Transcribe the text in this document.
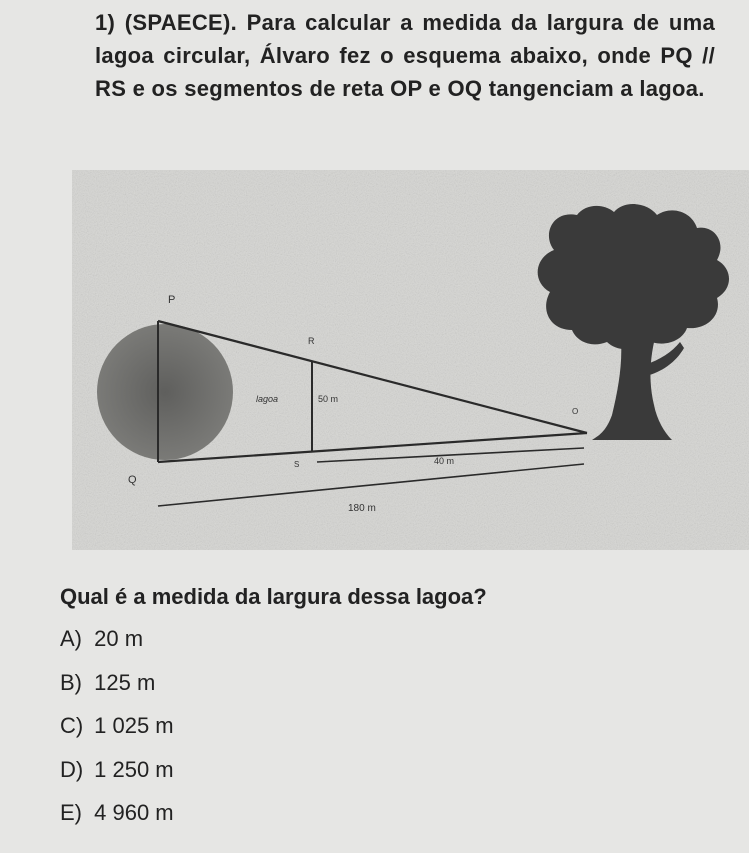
1) (SPAECE). Para calcular a medida da largura de uma lagoa circular, Álvaro fez o esquema abaixo, onde PQ // RS e os segmentos de reta OP e OQ tangenciam a lagoa.
P
R
lagoa	50 m
O
S	40 m
Q
180 m
Qual é a medida da largura dessa lagoa?
A) 20 m
B) 125 m
C) 1 025 m
D) 1 250 m
E) 4 960 m
